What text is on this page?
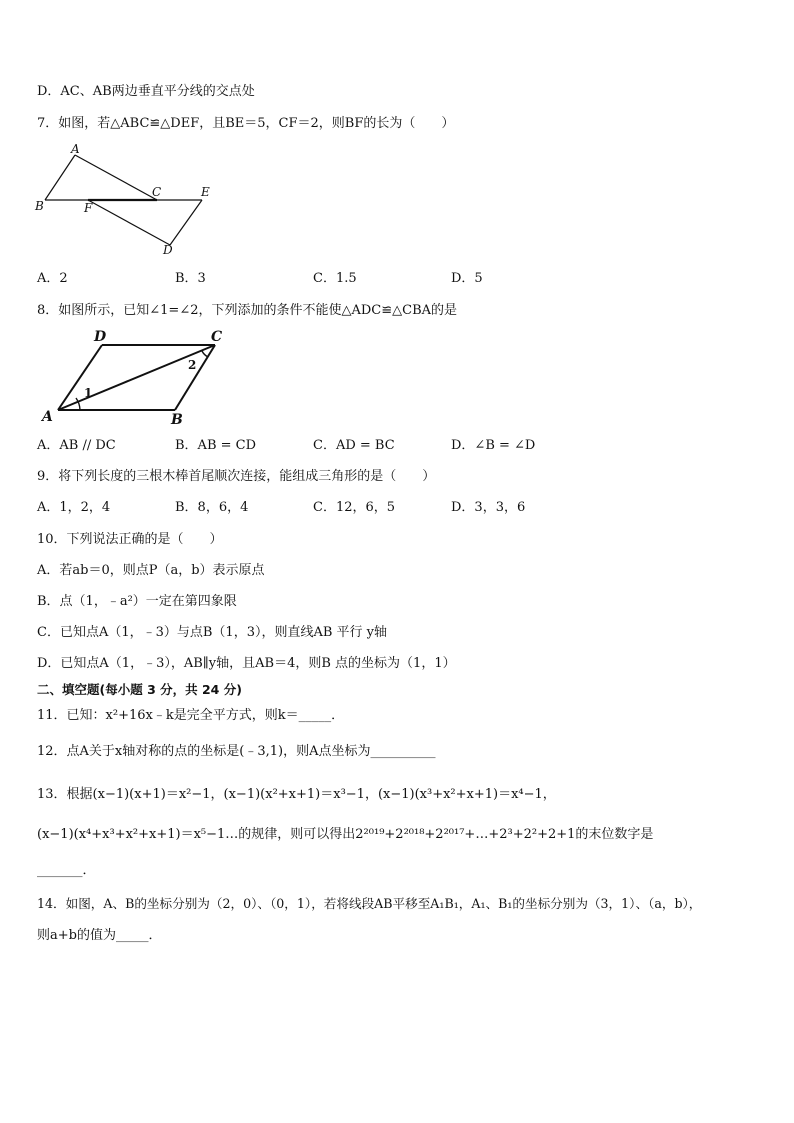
D．AC、AB两边垂直平分线的交点处
7．如图，若△ABC≌△DEF，且BE＝5，CF＝2，则BF的长为（　　）
A
B
C	E
F
D
A．2	B．3	C．1.5	D．5
8．如图所示，已知∠1=∠2，下列添加的条件不能使△ADC≌△CBA的是
D	C
A	B
1
2
A．AB // DC	B．AB = CD	C．AD = BC	D．∠B = ∠D
9．将下列长度的三根木棒首尾顺次连接，能组成三角形的是（　　）
A．1，2，4	B．8，6，4	C．12，6，5	D．3，3，6
10．下列说法正确的是（　　）
A．若ab＝0，则点P（a，b）表示原点
B．点（1，﹣a²）一定在第四象限
C．已知点A（1，﹣3）与点B（1，3），则直线AB 平行 y轴
D．已知点A（1，﹣3），AB∥y轴，且AB＝4，则B 点的坐标为（1，1）
二、填空题(每小题 3 分，共 24 分)
11．已知：x²+16x﹣k是完全平方式，则k＝_____．
12．点A关于x轴对称的点的坐标是(﹣3,1)，则A点坐标为__________
13．根据(x−1)(x+1)＝x²−1，(x−1)(x²+x+1)＝x³−1，(x−1)(x³+x²+x+1)＝x⁴−1，
(x−1)(x⁴+x³+x²+x+1)＝x⁵−1…的规律，则可以得出2²⁰¹⁹+2²⁰¹⁸+2²⁰¹⁷+…+2³+2²+2+1的末位数字是
_______．
14．如图，A、B的坐标分别为（2，0）、（0，1），若将线段AB平移至A₁B₁，A₁、B₁的坐标分别为（3，1）、（a，b），
则a+b的值为_____．
